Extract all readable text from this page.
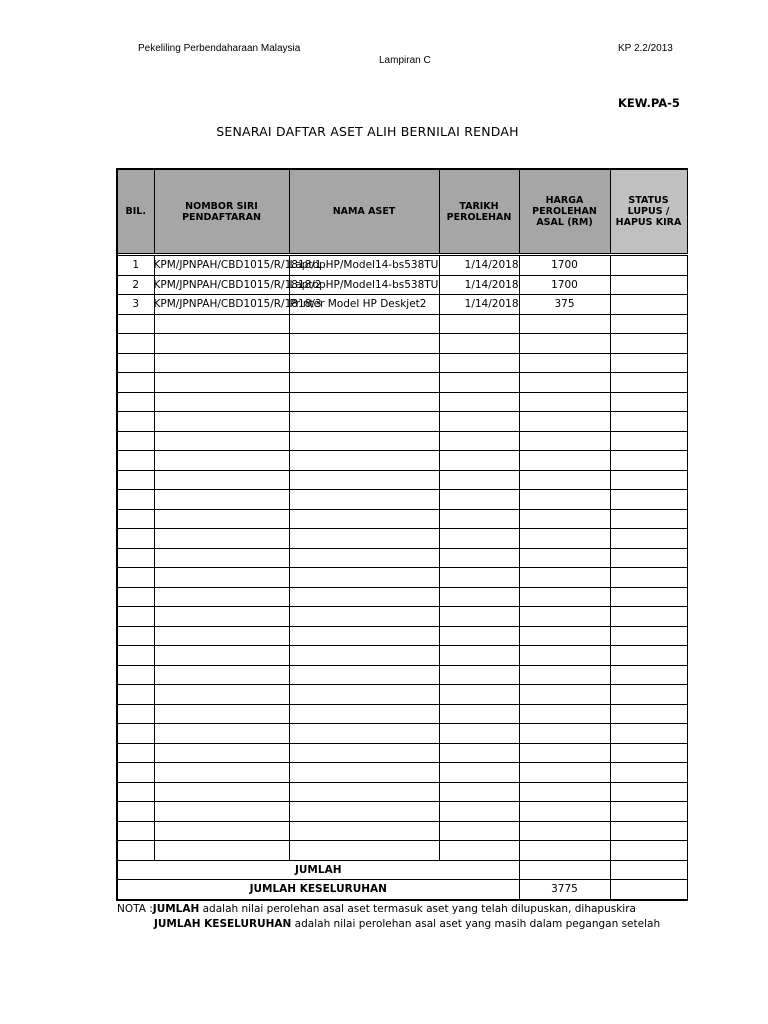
Pekeliling Perbendaharaan Malaysia	KP 2.2/2013
Lampiran C
KEW.PA-5
SENARAI DAFTAR ASET ALIH BERNILAI RENDAH
BIL.	NOMBOR SIRI PENDAFTARAN	NAMA ASET	TARIKH PEROLEHAN	HARGA PEROLEHAN ASAL (RM)	STATUS LUPUS / HAPUS KIRA

1	KPM/JPNPAH/CBD1015/R/1818/1	LaptopHP/Model14-bs538TU	1/14/2018	1700	
2	KPM/JPNPAH/CBD1015/R/1818/2	LaptopHP/Model14-bs538TU	1/14/2018	1700	
3	KPM/JPNPAH/CBD1015/R/1818/3	Printer Model HP Deskjet2	1/14/2018	375	

JUMLAH					
JUMLAH KESELURUHAN				3775	
NOTA :JUMLAH adalah nilai perolehan asal aset termasuk aset yang telah dilupuskan, dihapuskira
JUMLAH KESELURUHAN adalah nilai perolehan asal aset yang masih dalam pegangan setelah
